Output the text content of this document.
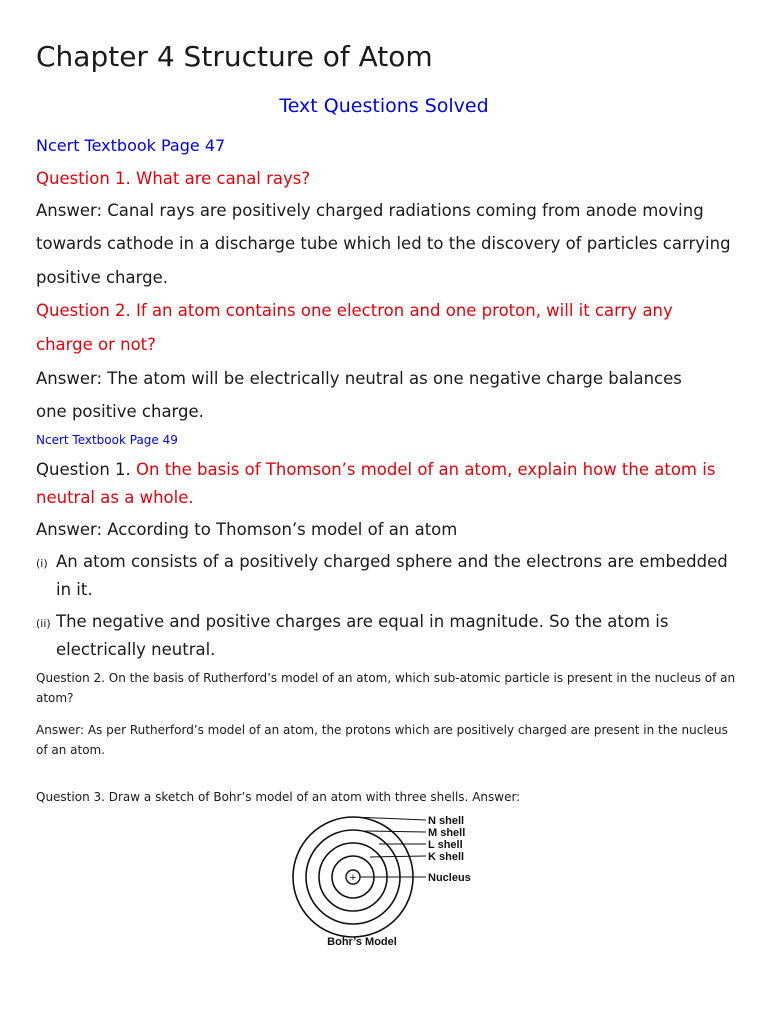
Chapter 4 Structure of Atom
Text Questions Solved
Ncert Textbook Page 47
Question 1. What are canal rays?
Answer: Canal rays are positively charged radiations coming from anode moving
towards cathode in a discharge tube which led to the discovery of particles carrying
positive charge.
Question 2. If an atom contains one electron and one proton, will it carry any
charge or not?
Answer: The atom will be electrically neutral as one negative charge balances
one positive charge.
Ncert Textbook Page 49
Question 1. On the basis of Thomson’s model of an atom, explain how the atom is
neutral as a whole.
Answer: According to Thomson’s model of an atom
(i) An atom consists of a positively charged sphere and the electrons are embedded
in it.
(ii) The negative and positive charges are equal in magnitude. So the atom is
electrically neutral.
Question 2. On the basis of Rutherford’s model of an atom, which sub-atomic particle is present in the nucleus of an atom?
Answer: As per Rutherford’s model of an atom, the protons which are positively charged are present in the nucleus of an atom.
Question 3. Draw a sketch of Bohr’s model of an atom with three shells. Answer:
+
N shell
M shell
L shell
K shell
Nucleus
Bohr’s Model
